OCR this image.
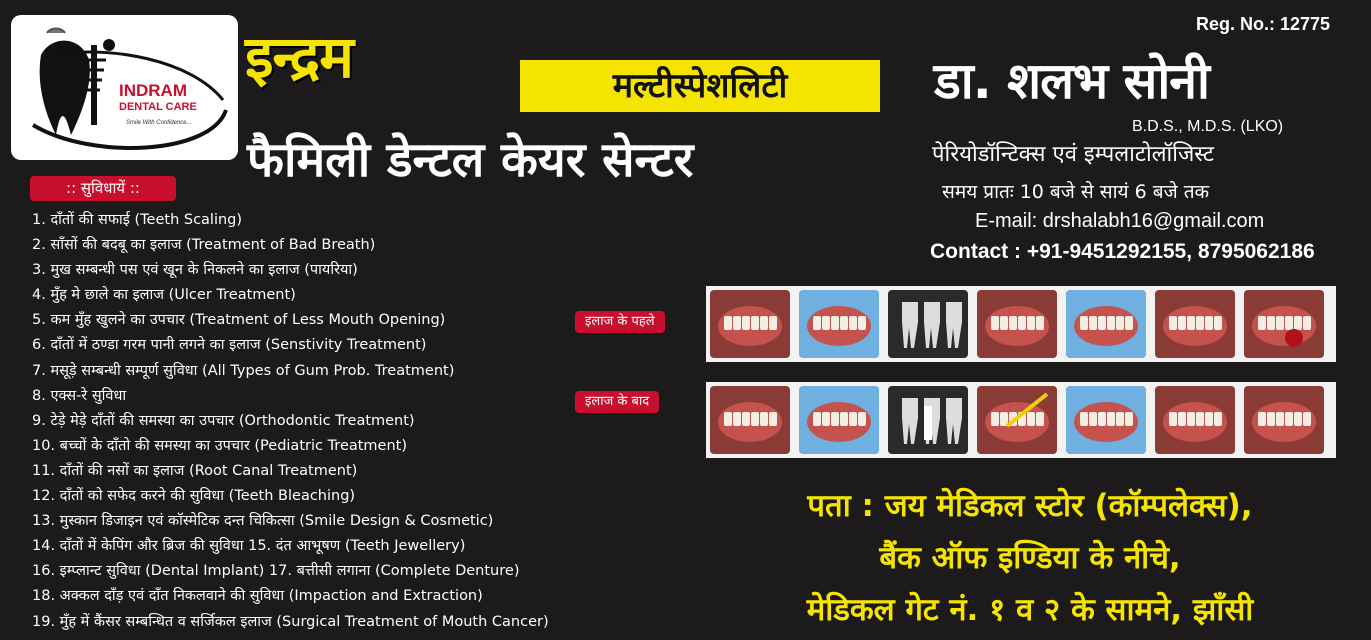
INDRAM
DENTAL CARE
Smile With Confidence...
इन्द्रम	मल्टीस्पेशलिटी
फैमिली डेन्टल केयर सेन्टर
Reg. No.: 12775
डा. शलभ सोनी
B.D.S., M.D.S. (LKO)
पेरियोडॉन्टिक्स एवं इम्पलाटोलॉजिस्ट
समय प्रातः 10 बजे से सायं 6 बजे तक
E-mail: drshalabh16@gmail.com
Contact : +91-9451292155, 8795062186
:: सुविधायें ::
1. दाँतों की सफाई (Teeth Scaling)
2. साँसों की बदबू का इलाज (Treatment of Bad Breath)
3. मुख सम्बन्धी पस एवं खून के निकलने का इलाज (पायरिया)
4. मुँह मे छाले का इलाज (Ulcer Treatment)
5. कम मुँह खुलने का उपचार (Treatment of Less Mouth Opening)
6. दाँतों में ठण्डा गरम पानी लगने का इलाज (Senstivity Treatment)
7. मसूड़े सम्बन्धी सम्पूर्ण सुविधा (All Types of Gum Prob. Treatment)
8. एक्स-रे सुविधा
9. टेड़े मेड़े दाँतों की समस्या का उपचार (Orthodontic Treatment)
10. बच्चों के दाँतो की समस्या का उपचार (Pediatric Treatment)
11. दाँतों की नसों का इलाज (Root Canal Treatment)
12. दाँतों को सफेद करने की सुविधा (Teeth Bleaching)
13. मुस्कान डिजाइन एवं कॉस्मेटिक दन्त चिकित्सा (Smile Design & Cosmetic)
14. दाँतों में केपिंग और ब्रिज की सुविधा 15. दंत आभूषण (Teeth Jewellery)
16. इम्प्लान्ट सुविधा (Dental Implant) 17. बत्तीसी लगाना (Complete Denture)
18. अक्कल दाँड़ एवं दाँत निकलवाने की सुविधा (Impaction and Extraction)
19. मुँह में कैंसर सम्बन्धित व सर्जिकल इलाज (Surgical Treatment of Mouth Cancer)
इलाज के पहले
इलाज के बाद
पता : जय मेडिकल स्टोर (कॉम्पलेक्स),
बैंक ऑफ इण्डिया के नीचे,
मेडिकल गेट नं. १ व २ के सामने, झाँसी
